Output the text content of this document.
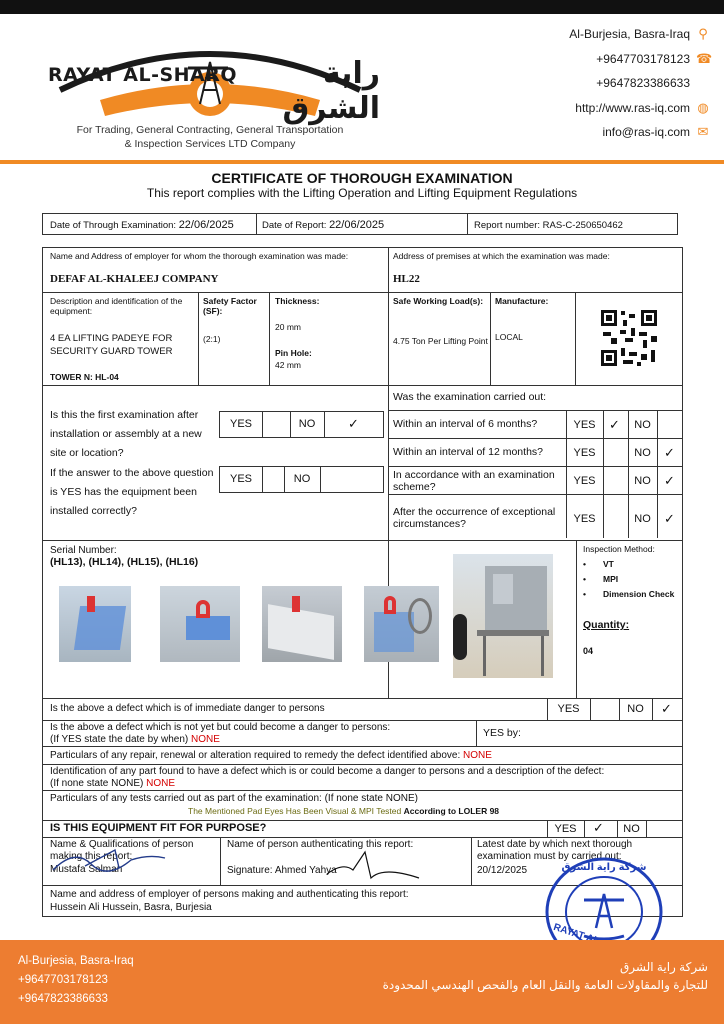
RAYAT AL-SHARQ	راية الشرق
For Trading, General Contracting, General Transportation
& Inspection Services LTD Company
Al-Burjesia, Basra-Iraq ⚲
+9647703178123 ☎
+9647823386633
http://www.ras-iq.com ◍
info@ras-iq.com ✉
CERTIFICATE OF THOROUGH EXAMINATION
This report complies with the Lifting Operation and Lifting Equipment Regulations
Date of Through Examination: 22/06/2025	Date of Report: 22/06/2025	Report number: RAS-C-250650462
Name and Address of employer for whom the thorough examination was made:
DEFAF AL-KHALEEJ COMPANY
Address of premises at which the examination was made:
HL22
Description and identification of the equipment:
4 EA LIFTING PADEYE FOR SECURITY GUARD TOWER
TOWER N: HL-04
Safety Factor (SF):
(2:1)
Thickness:
20 mm
Pin Hole:
42 mm
Safe Working Load(s):
4.75 Ton Per Lifting Point
Manufacture:
LOCAL
Is this the first examination after installation or assembly at a new site or location?
YES	NO	✓
If the answer to the above question is YES has the equipment been installed correctly?
YES	NO
Was the examination carried out:
Within an interval of 6 months?	YES	✓	NO
Within an interval of 12 months?	YES	NO	✓
In accordance with an examination scheme?	YES	NO	✓
After the occurrence of exceptional circumstances?	YES	NO	✓
Serial Number:
(HL13), (HL14), (HL15), (HL16)
Inspection Method:
• VT
• MPI
• Dimension Check
Quantity:
04
Is the above a defect which is of immediate danger to persons	YES	NO	✓
Is the above a defect which is not yet but could become a danger to persons:
(If YES state the date by when) NONE
YES by:
Particulars of any repair, renewal or alteration required to remedy the defect identified above: NONE
Identification of any part found to have a defect which is or could become a danger to persons and a description of the defect:
(If none state NONE) NONE
Particulars of any tests carried out as part of the examination: (If none state NONE)
The Mentioned Pad Eyes Has Been Visual & MPI Tested According to LOLER 98
IS THIS EQUIPMENT FIT FOR PURPOSE?	YES	✓	NO
Name & Qualifications of person making this report:
Mustafa Salman
Name of person authenticating this report:
Signature: Ahmed Yahya
Latest date by which next thorough examination must by carried out:
20/12/2025
Name and address of employer of persons making and authenticating this report:
Hussein Ali Hussein, Basra, Burjesia
شركة راية الشرق
Al-Burjesia, Basra-Iraq
+9647703178123
+9647823386633
شركة راية الشرق
للتجارة والمقاولات العامة والنقل العام والفحص الهندسي المحدودة
